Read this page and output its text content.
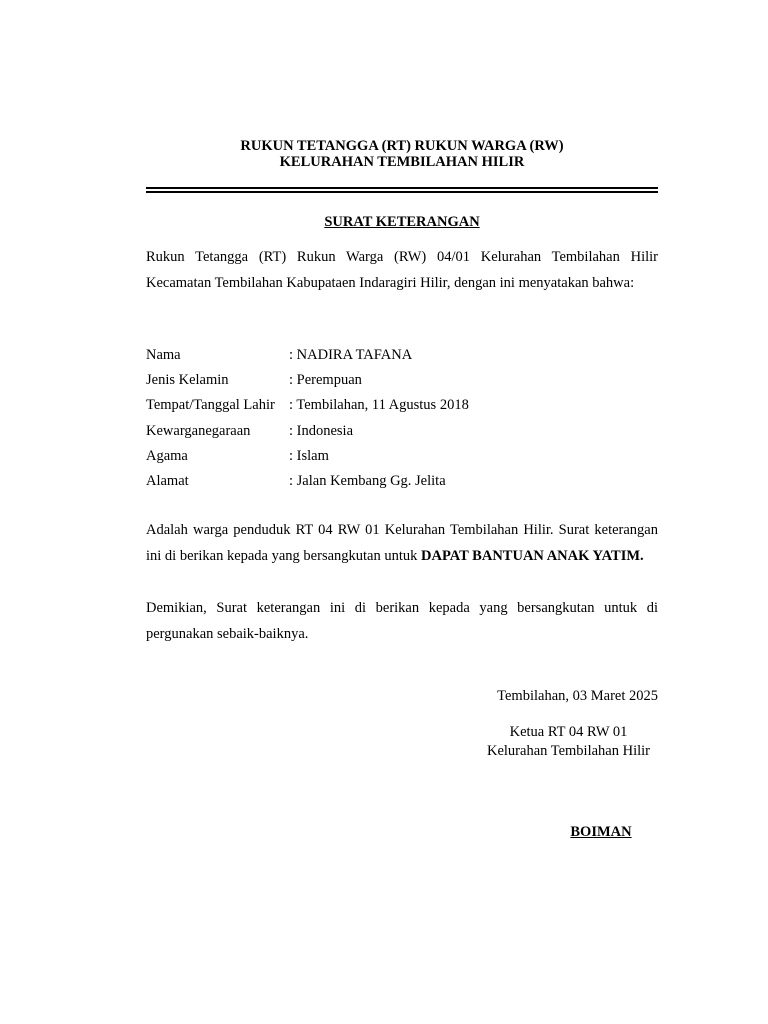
RUKUN TETANGGA (RT) RUKUN WARGA (RW)
KELURAHAN TEMBILAHAN HILIR
SURAT KETERANGAN
Rukun Tetangga (RT) Rukun Warga (RW) 04/01 Kelurahan Tembilahan Hilir Kecamatan Tembilahan Kabupataen Indaragiri Hilir, dengan ini menyatakan bahwa:
Nama	: NADIRA TAFANA
Jenis Kelamin	: Perempuan
Tempat/Tanggal Lahir : Tembilahan, 11 Agustus 2018
Kewarganegaraan	: Indonesia
Agama	: Islam
Alamat	: Jalan Kembang Gg. Jelita
Adalah warga penduduk RT 04 RW 01 Kelurahan Tembilahan Hilir. Surat keterangan ini di berikan kepada yang bersangkutan untuk DAPAT BANTUAN ANAK YATIM.
Demikian, Surat keterangan ini di berikan kepada yang bersangkutan untuk di pergunakan sebaik-baiknya.
Tembilahan, 03 Maret 2025
Ketua RT 04 RW 01
Kelurahan Tembilahan Hilir
BOIMAN
